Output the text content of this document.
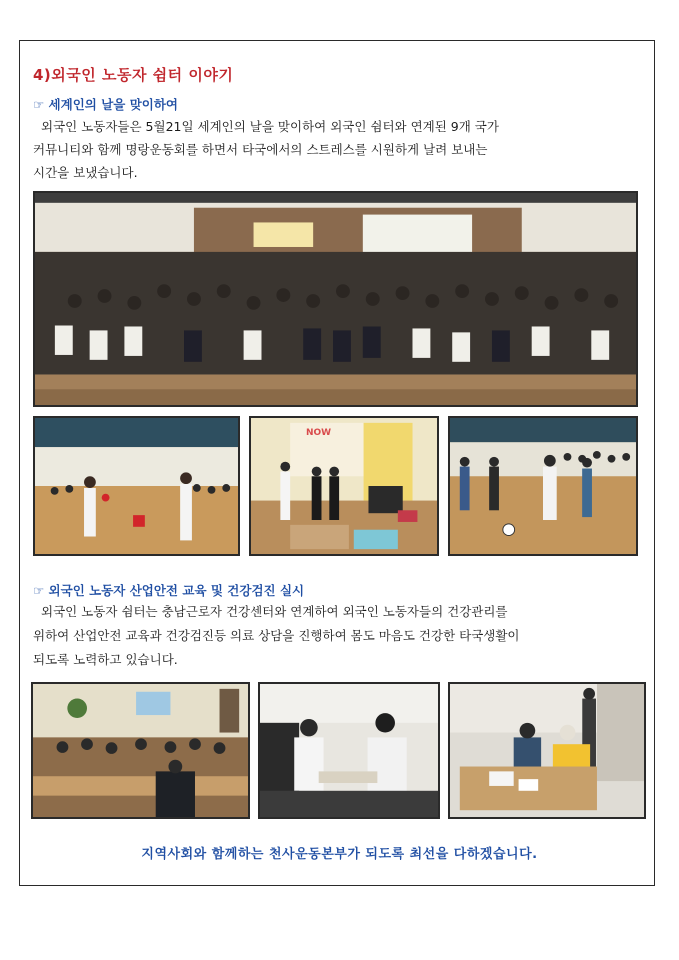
4)외국인 노동자 쉼터 이야기
☞ 세계인의 날을 맞이하여
외국인 노동자들은 5월21일 세계인의 날을 맞이하여 외국인 쉼터와 연계된 9개 국가
커뮤니티와 함께 명랑운동회를 하면서 타국에서의 스트레스를 시원하게 날려 보내는
시간을 보냈습니다.
NOW
☞ 외국인 노동자 산업안전 교육 및 건강검진 실시
외국인 노동자 쉼터는 충남근로자 건강센터와 연계하여 외국인 노동자들의 건강관리를
위하여 산업안전 교육과 건강검진등 의료 상담을 진행하여 몸도 마음도 건강한 타국생활이
되도록 노력하고 있습니다.
지역사회와 함께하는 천사운동본부가 되도록 최선을 다하겠습니다.
